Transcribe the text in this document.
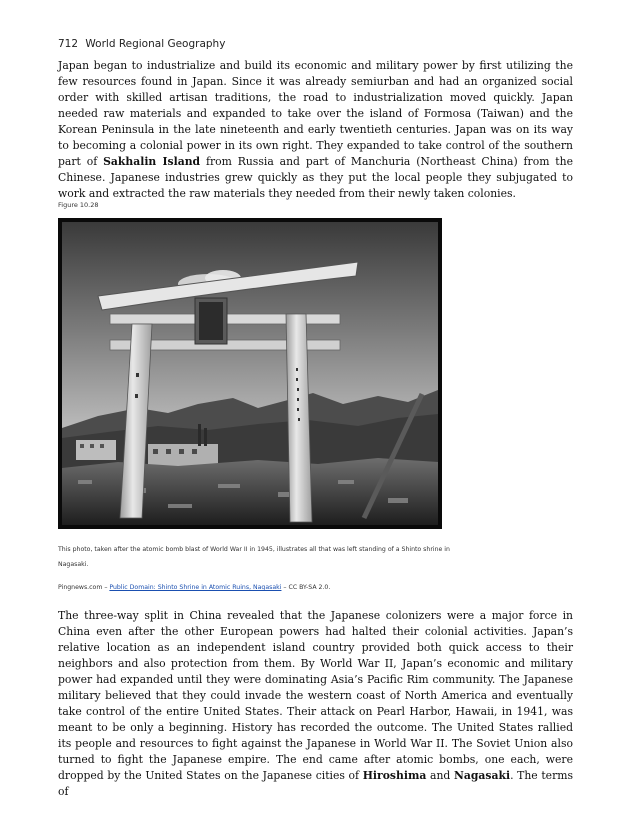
712 World Regional Geography

Japan began to industrialize and build its economic and military power by first utilizing the few resources found in Japan. Since it was already semiurban and had an organized social order with skilled artisan traditions, the road to industrialization moved quickly. Japan needed raw materials and expanded to take over the island of Formosa (Taiwan) and the Korean Peninsula in the late nineteenth and early twentieth centuries. Japan was on its way to becoming a colonial power in its own right. They expanded to take control of the southern part of Sakhalin Island from Russia and part of Manchuria (Northeast China) from the Chinese. Japanese industries grew quickly as they put the local people they subjugated to work and extracted the raw materials they needed from their newly taken colonies.

Figure 10.28
This photo, taken after the atomic bomb blast of World War II in 1945, illustrates all that was left standing of a Shinto shrine in Nagasaki.
Pingnews.com – Public Domain: Shinto Shrine in Atomic Ruins, Nagasaki – CC BY-SA 2.0.

The three-way split in China revealed that the Japanese colonizers were a major force in China even after the other European powers had halted their colonial activities. Japan’s relative location as an independent island country provided both quick access to their neighbors and also protection from them. By World War II, Japan’s economic and military power had expanded until they were dominating Asia’s Pacific Rim community. The Japanese military believed that they could invade the western coast of North America and eventually take control of the entire United States. Their attack on Pearl Harbor, Hawaii, in 1941, was meant to be only a beginning. History has recorded the outcome. The United States rallied its people and resources to fight against the Japanese in World War II. The Soviet Union also turned to fight the Japanese empire. The end came after atomic bombs, one each, were dropped by the United States on the Japanese cities of Hiroshima and Nagasaki. The terms of
